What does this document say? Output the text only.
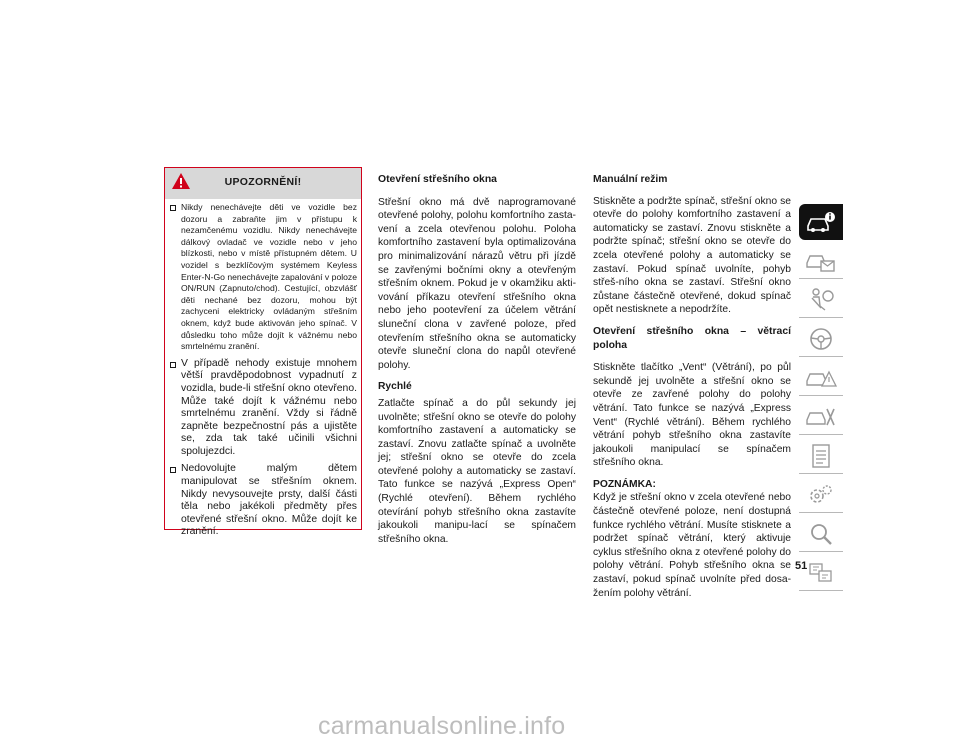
UPOZORNĚNÍ!
Nikdy nenechávejte děti ve vozidle bez dozoru a zabraňte jim v přístupu k nezamčenému vozidlu. Nikdy nenechávejte dálkový ovladač ve vozidle nebo v jeho blízkosti, nebo v místě přístupném dětem. U vozidel s bezklíčovým systémem Keyless Enter-N-Go nenechávejte zapalování v poloze ON/RUN (Zapnuto/chod). Cestující, obzvlášť děti nechané bez dozoru, mohou být zachyceni elektricky ovládaným střešním oknem, když bude aktivován jeho spínač. V důsledku toho může dojít k vážnému nebo smrtelnému zranění.
V případě nehody existuje mnohem větší pravděpodobnost vypadnutí z vozidla, bude-li střešní okno otevřeno. Může také dojít k vážnému nebo smrtelnému zranění. Vždy si řádně zapněte bezpečnostní pás a ujistěte se, zda tak také učinili všichni spolujezdci.
Nedovolujte malým dětem manipulovat se střešním oknem. Nikdy nevysouvejte prsty, další části těla nebo jakékoli předměty přes otevřené střešní okno. Může dojít ke zranění.
Otevření střešního okna

Střešní okno má dvě naprogramované otevřené polohy, polohu komfortního zasta-vení a zcela otevřenou polohu. Poloha komfortního zastavení byla optimalizována pro minimalizování nárazů větru při jízdě se zavřenými bočními okny a otevřeným střešním oknem. Pokud je v okamžiku akti-vování příkazu otevření střešního okna nebo jeho pootevření za účelem větrání sluneční clona v zavřené poloze, před otevřením střešního okna se automaticky otevře sluneční clona do napůl otevřené polohy.

Rychlé

Zatlačte spínač a do půl sekundy jej uvolněte; střešní okno se otevře do polohy komfortního zastavení a automaticky se zastaví. Znovu zatlačte spínač a uvolněte jej; střešní okno se otevře do zcela otevřené polohy a automaticky se zastaví. Tato funkce se nazývá „Express Open“ (Rychlé otevření). Během rychlého otevírání pohyb střešního okna zastavíte jakoukoli manipu-lací se spínačem střešního okna.

Manuální režim

Stiskněte a podržte spínač, střešní okno se otevře do polohy komfortního zastavení a automaticky se zastaví. Znovu stiskněte a podržte spínač; střešní okno se otevře do zcela otevřené polohy a automaticky se zastaví. Pokud spínač uvolníte, pohyb střeš-ního okna se zastaví. Střešní okno zůstane částečně otevřené, dokud spínač opět nestisknete a nepodržíte.

Otevření střešního okna – větrací poloha

Stiskněte tlačítko „Vent“ (Větrání), po půl sekundě jej uvolněte a střešní okno se otevře ze zavřené polohy do polohy větrání. Tato funkce se nazývá „Express Vent“ (Rychlé větrání). Během rychlého větrání pohyb střešního okna zastavíte jakoukoli manipulací se spínačem střešního okna.

POZNÁMKA:

Když je střešní okno v zcela otevřené nebo částečně otevřené poloze, není dostupná funkce rychlého větrání. Musíte stisknete a podržet spínač větrání, který aktivuje cyklus střešního okna z otevřené polohy do polohy větrání. Pohyb střešního okna se zastaví, pokud spínač uvolníte před dosa-žením polohy větrání.

51
carmanualsonline.info
